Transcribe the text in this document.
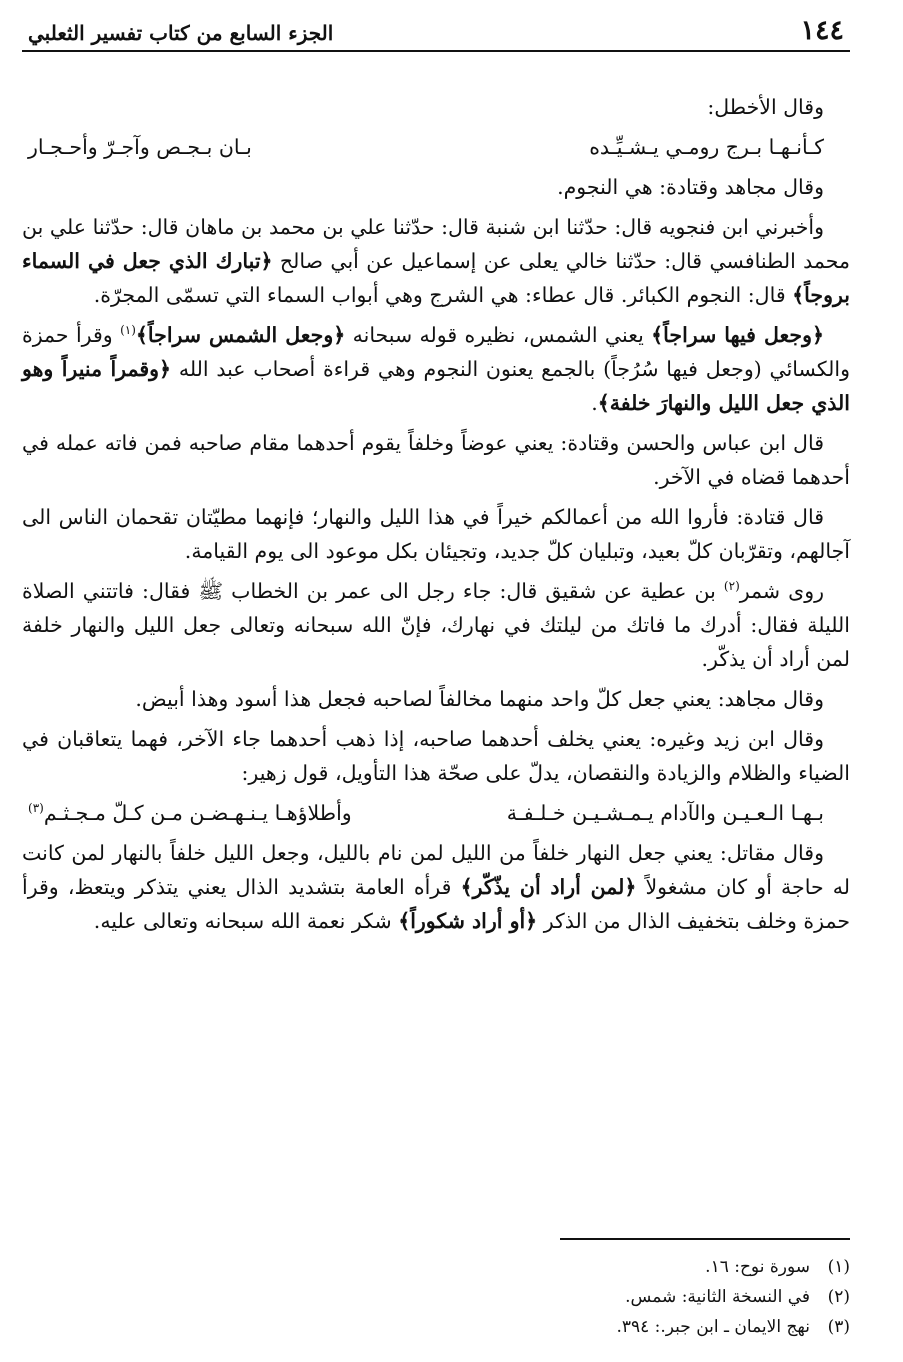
١٤٤
الجزء السابع من كتاب تفسير الثعلبي

وقال الأخطل:

كـأنـهـا بـرج رومـي يـشـيِّـده
بـان بـجـص وآجـرّ وأحـجـار

وقال مجاهد وقتادة: هي النجوم.

وأخبرني ابن فنجويه قال: حدّثنا ابن شنبة قال: حدّثنا علي بن محمد بن ماهان قال: حدّثنا علي بن محمد الطنافسي قال: حدّثنا خالي يعلى عن إسماعيل عن أبي صالح ﴿تبارك الذي جعل في السماء بروجاً﴾ قال: النجوم الكبائر. قال عطاء: هي الشرج وهي أبواب السماء التي تسمّى المجرّة.

﴿وجعل فيها سراجاً﴾ يعني الشمس، نظيره قوله سبحانه ﴿وجعل الشمس سراجاً﴾$^{(١)}$ وقرأ حمزة والكسائي (وجعل فيها سُرُجاً) بالجمع يعنون النجوم وهي قراءة أصحاب عبد الله ﴿وقمراً منيراً وهو الذي جعل الليل والنهارَ خلفة﴾.

قال ابن عباس والحسن وقتادة: يعني عوضاً وخلفاً يقوم أحدهما مقام صاحبه فمن فاته عمله في أحدهما قضاه في الآخر.

قال قتادة: فأروا الله من أعمالكم خيراً في هذا الليل والنهار؛ فإنهما مطيّتان تقحمان الناس الى آجالهم، وتقرّبان كلّ بعيد، وتبليان كلّ جديد، وتجيئان بكل موعود الى يوم القيامة.

روى شمر$^{(٢)}$ بن عطية عن شقيق قال: جاء رجل الى عمر بن الخطاب ﷺ فقال: فاتتني الصلاة الليلة فقال: أدرك ما فاتك من ليلتك في نهارك، فإنّ الله سبحانه وتعالى جعل الليل والنهار خلفة لمن أراد أن يذكّر.

وقال مجاهد: يعني جعل كلّ واحد منهما مخالفاً لصاحبه فجعل هذا أسود وهذا أبيض.

وقال ابن زيد وغيره: يعني يخلف أحدهما صاحبه، إذا ذهب أحدهما جاء الآخر، فهما يتعاقبان في الضياء والظلام والزيادة والنقصان، يدلّ على صحّة هذا التأويل، قول زهير:

بـهـا الـعـيـن والآدام يـمـشـيـن خـلـفـة
وأطلاؤهـا يـنـهـضـن مـن كـلّ مـجـثـم$^{(٣)}$

وقال مقاتل: يعني جعل النهار خلفاً من الليل لمن نام بالليل، وجعل الليل خلفاً بالنهار لمن كانت له حاجة أو كان مشغولاً ﴿لمن أراد أن يذّكّر﴾ قرأه العامة بتشديد الذال يعني يتذكر ويتعظ، وقرأ حمزة وخلف بتخفيف الذال من الذكر ﴿أو أراد شكوراً﴾ شكر نعمة الله سبحانه وتعالى عليه.

(١)
سورة نوح: ١٦.
(٢)
في النسخة الثانية: شمس.
(٣)
نهج الايمان ـ ابن جبر.: ٣٩٤.
